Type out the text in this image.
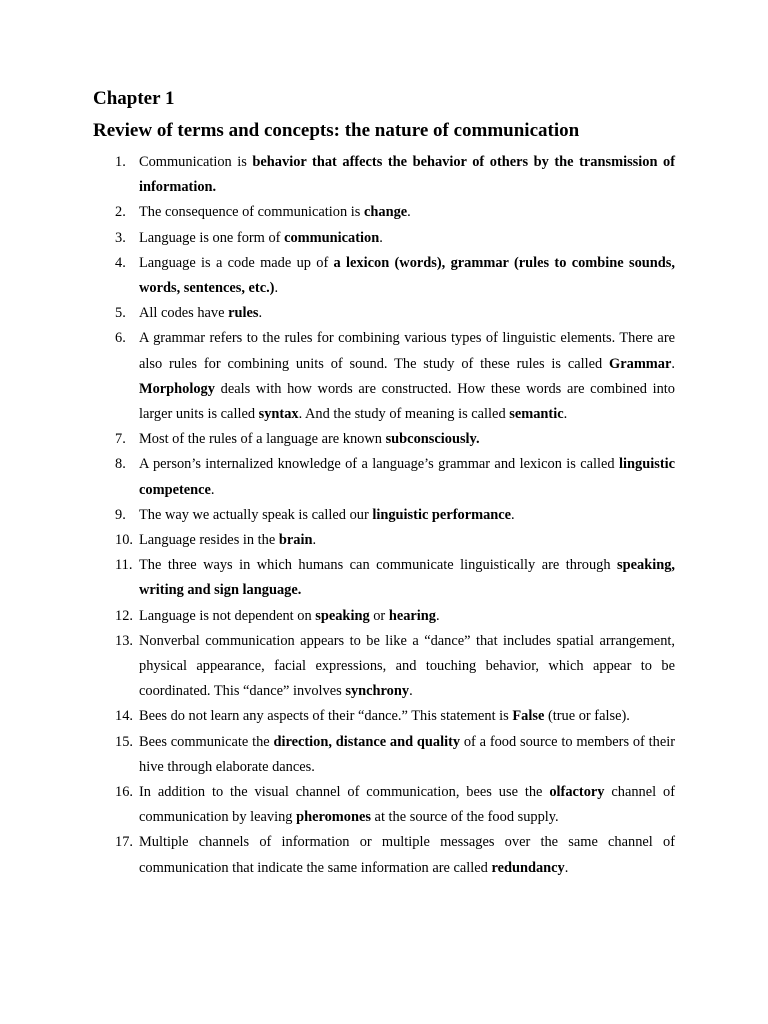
Chapter 1
Review of terms and concepts: the nature of communication
1. Communication is behavior that affects the behavior of others by the transmission of information.
2. The consequence of communication is change.
3. Language is one form of communication.
4. Language is a code made up of a lexicon (words), grammar (rules to combine sounds, words, sentences, etc.).
5. All codes have rules.
6. A grammar refers to the rules for combining various types of linguistic elements. There are also rules for combining units of sound. The study of these rules is called Grammar. Morphology deals with how words are constructed. How these words are combined into larger units is called syntax. And the study of meaning is called semantic.
7. Most of the rules of a language are known subconsciously.
8. A person’s internalized knowledge of a language’s grammar and lexicon is called linguistic competence.
9. The way we actually speak is called our linguistic performance.
10. Language resides in the brain.
11. The three ways in which humans can communicate linguistically are through speaking, writing and sign language.
12. Language is not dependent on speaking or hearing.
13. Nonverbal communication appears to be like a “dance” that includes spatial arrangement, physical appearance, facial expressions, and touching behavior, which appear to be coordinated. This “dance” involves synchrony.
14. Bees do not learn any aspects of their “dance.” This statement is False (true or false).
15. Bees communicate the direction, distance and quality of a food source to members of their hive through elaborate dances.
16. In addition to the visual channel of communication, bees use the olfactory channel of communication by leaving pheromones at the source of the food supply.
17. Multiple channels of information or multiple messages over the same channel of communication that indicate the same information are called redundancy.
